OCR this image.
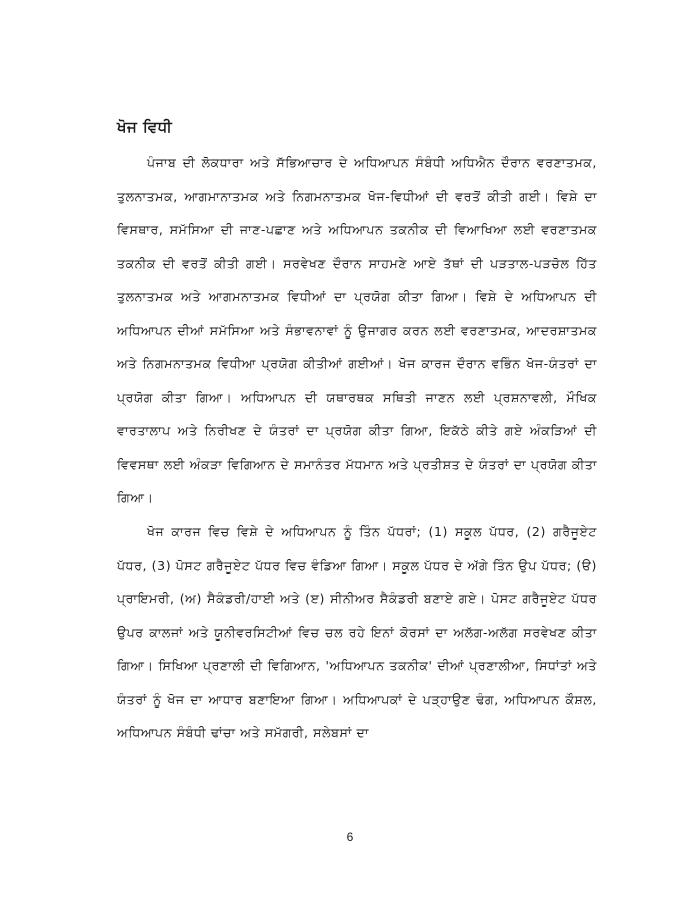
ਖੋਜ ਵਿਧੀ

ਪੰਜਾਬ ਦੀ ਲੋਕਧਾਰਾ ਅਤੇ ਸੱਭਿਆਚਾਰ ਦੇ ਅਧਿਆਪਨ ਸੰਬੰਧੀ ਅਧਿਐਨ ਦੌਰਾਨ ਵਰਣਾਤਮਕ, ਤੁਲਨਾਤਮਕ, ਆਗਮਾਨਾਤਮਕ ਅਤੇ ਨਿਗਮਨਾਤਮਕ ਖੋਜ-ਵਿਧੀਆਂ ਦੀ ਵਰਤੋਂ ਕੀਤੀ ਗਈ। ਵਿਸ਼ੇ ਦਾ ਵਿਸਥਾਰ, ਸਮੱਸਿਆ ਦੀ ਜਾਣ-ਪਛਾਣ ਅਤੇ ਅਧਿਆਪਨ ਤਕਨੀਕ ਦੀ ਵਿਆਖਿਆ ਲਈ ਵਰਣਾਤਮਕ ਤਕਨੀਕ ਦੀ ਵਰਤੋਂ ਕੀਤੀ ਗਈ। ਸਰਵੇਖਣ ਦੌਰਾਨ ਸਾਹਮਣੇ ਆਏ ਤੱਥਾਂ ਦੀ ਪੜਤਾਲ-ਪੜਚੋਲ ਹਿੱਤ ਤੁਲਨਾਤਮਕ ਅਤੇ ਆਗਮਨਾਤਮਕ ਵਿਧੀਆਂ ਦਾ ਪ੍ਰਯੋਗ ਕੀਤਾ ਗਿਆ। ਵਿਸ਼ੇ ਦੇ ਅਧਿਆਪਨ ਦੀ ਅਧਿਆਪਨ ਦੀਆਂ ਸਮੱਸਿਆ ਅਤੇ ਸੰਭਾਵਨਾਵਾਂ ਨੂੰ ਉਜਾਗਰ ਕਰਨ ਲਈ ਵਰਣਾਤਮਕ, ਆਦਰਸ਼ਾਤਮਕ ਅਤੇ ਨਿਗਮਨਾਤਮਕ ਵਿਧੀਆ ਪ੍ਰਯੋਗ ਕੀਤੀਆਂ ਗਈਆਂ। ਖੋਜ ਕਾਰਜ ਦੌਰਾਨ ਵਭਿੰਨ ਖੋਜ-ਯੰਤਰਾਂ ਦਾ ਪ੍ਰਯੋਗ ਕੀਤਾ ਗਿਆ। ਅਧਿਆਪਨ ਦੀ ਯਥਾਰਥਕ ਸਥਿਤੀ ਜਾਣਨ ਲਈ ਪ੍ਰਸ਼ਨਾਵਲੀ, ਮੌਖਿਕ ਵਾਰਤਾਲਾਪ ਅਤੇ ਨਿਰੀਖਣ ਦੇ ਯੰਤਰਾਂ ਦਾ ਪ੍ਰਯੋਗ ਕੀਤਾ ਗਿਆ, ਇਕੱਠੇ ਕੀਤੇ ਗਏ ਅੰਕੜਿਆਂ ਦੀ ਵਿਵਸਥਾ ਲਈ ਅੰਕੜਾ ਵਿਗਿਆਨ ਦੇ ਸਮਾਨੰਤਰ ਮੱਧਮਾਨ ਅਤੇ ਪ੍ਰਤੀਸ਼ਤ ਦੇ ਯੰਤਰਾਂ ਦਾ ਪ੍ਰਯੋਗ ਕੀਤਾ ਗਿਆ।

ਖੋਜ ਕਾਰਜ ਵਿਚ ਵਿਸ਼ੇ ਦੇ ਅਧਿਆਪਨ ਨੂੰ ਤਿੰਨ ਪੱਧਰਾਂ; (1) ਸਕੂਲ ਪੱਧਰ, (2) ਗਰੈਜੂਏਟ ਪੱਧਰ, (3) ਪੋਸਟ ਗਰੈਜੂਏਟ ਪੱਧਰ ਵਿਚ ਵੰਡਿਆ ਗਿਆ। ਸਕੂਲ ਪੱਧਰ ਦੇ ਅੱਗੇ ਤਿੰਨ ਉਪ ਪੱਧਰ; (ੳ) ਪ੍ਰਾਇਮਰੀ, (ਅ) ਸੈਕੰਡਰੀ/ਹਾਈ ਅਤੇ (ੲ) ਸੀਨੀਅਰ ਸੈਕੰਡਰੀ ਬਣਾਏ ਗਏ। ਪੋਸਟ ਗਰੈਜੂਏਟ ਪੱਧਰ ਉਪਰ ਕਾਲਜਾਂ ਅਤੇ ਯੂਨੀਵਰਸਿਟੀਆਂ ਵਿਚ ਚਲ ਰਹੇ ਇਨਾਂ ਕੋਰਸਾਂ ਦਾ ਅਲੱਗ-ਅਲੱਗ ਸਰਵੇਖਣ ਕੀਤਾ ਗਿਆ। ਸਿਖਿਆ ਪ੍ਰਣਾਲੀ ਦੀ ਵਿਗਿਆਨ, 'ਅਧਿਆਪਨ ਤਕਨੀਕ' ਦੀਆਂ ਪ੍ਰਣਾਲੀਆ, ਸਿਧਾਂਤਾਂ ਅਤੇ ਯੰਤਰਾਂ ਨੂੰ ਖੋਜ ਦਾ ਆਧਾਰ ਬਣਾਇਆ ਗਿਆ। ਅਧਿਆਪਕਾਂ ਦੇ ਪੜ੍ਹਾਉਣ ਢੰਗ, ਅਧਿਆਪਨ ਕੌਸ਼ਲ, ਅਧਿਆਪਨ ਸੰਬੰਧੀ ਢਾਂਚਾ ਅਤੇ ਸਮੱਗਰੀ, ਸਲੇਬਸਾਂ ਦਾ

6
